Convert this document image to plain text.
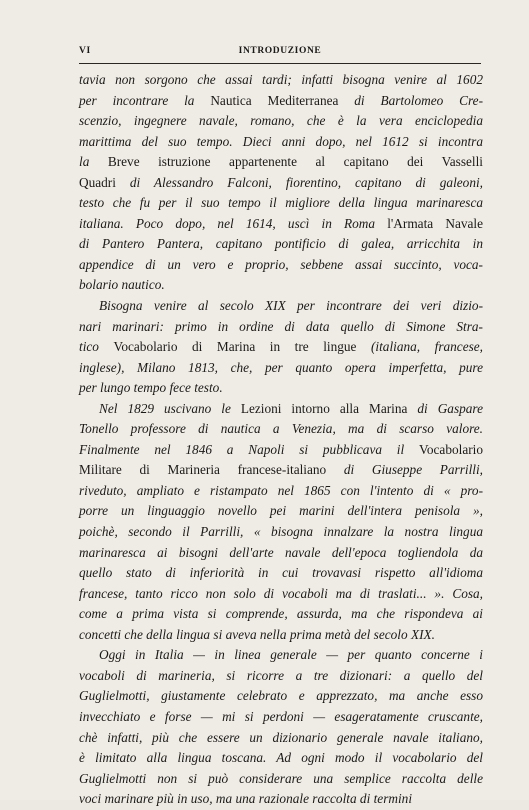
VI	INTRODUZIONE
tavia non sorgono che assai tardi; infatti bisogna venire al 1602
per incontrare la Nautica Mediterranea di Bartolomeo Cre-
scenzio, ingegnere navale, romano, che è la vera enciclopedia
marittima del suo tempo. Dieci anni dopo, nel 1612 si incontra
la Breve istruzione appartenente al capitano dei Vasselli
Quadri di Alessandro Falconi, fiorentino, capitano di galeoni,
testo che fu per il suo tempo il migliore della lingua marinaresca
italiana. Poco dopo, nel 1614, uscì in Roma l'Armata Navale
di Pantero Pantera, capitano pontificio di galea, arricchita in
appendice di un vero e proprio, sebbene assai succinto, voca-
bolario nautico.
Bisogna venire al secolo XIX per incontrare dei veri dizio-
nari marinari: primo in ordine di data quello di Simone Stra-
tico Vocabolario di Marina in tre lingue (italiana, francese,
inglese), Milano 1813, che, per quanto opera imperfetta, pure
per lungo tempo fece testo.
Nel 1829 uscivano le Lezioni intorno alla Marina di Gaspare
Tonello professore di nautica a Venezia, ma di scarso valore.
Finalmente nel 1846 a Napoli si pubblicava il Vocabolario
Militare di Marineria francese-italiano di Giuseppe Parrilli,
riveduto, ampliato e ristampato nel 1865 con l'intento di « pro-
porre un linguaggio novello pei marini dell'intera penisola »,
poichè, secondo il Parrilli, « bisogna innalzare la nostra lingua
marinaresca ai bisogni dell'arte navale dell'epoca togliendola da
quello stato di inferiorità in cui trovavasi rispetto all'idioma
francese, tanto ricco non solo di vocaboli ma di traslati... ». Cosa,
come a prima vista si comprende, assurda, ma che rispondeva ai
concetti che della lingua si aveva nella prima metà del secolo XIX.
Oggi in Italia — in linea generale — per quanto concerne i
vocaboli di marineria, si ricorre a tre dizionari: a quello del
Guglielmotti, giustamente celebrato e apprezzato, ma anche esso
invecchiato e forse — mi si perdoni — esageratamente cruscante,
chè infatti, più che essere un dizionario generale navale italiano,
è limitato alla lingua toscana. Ad ogni modo il vocabolario del
Guglielmotti non si può considerare una semplice raccolta delle
voci marinare più in uso, ma una razionale raccolta di termini
